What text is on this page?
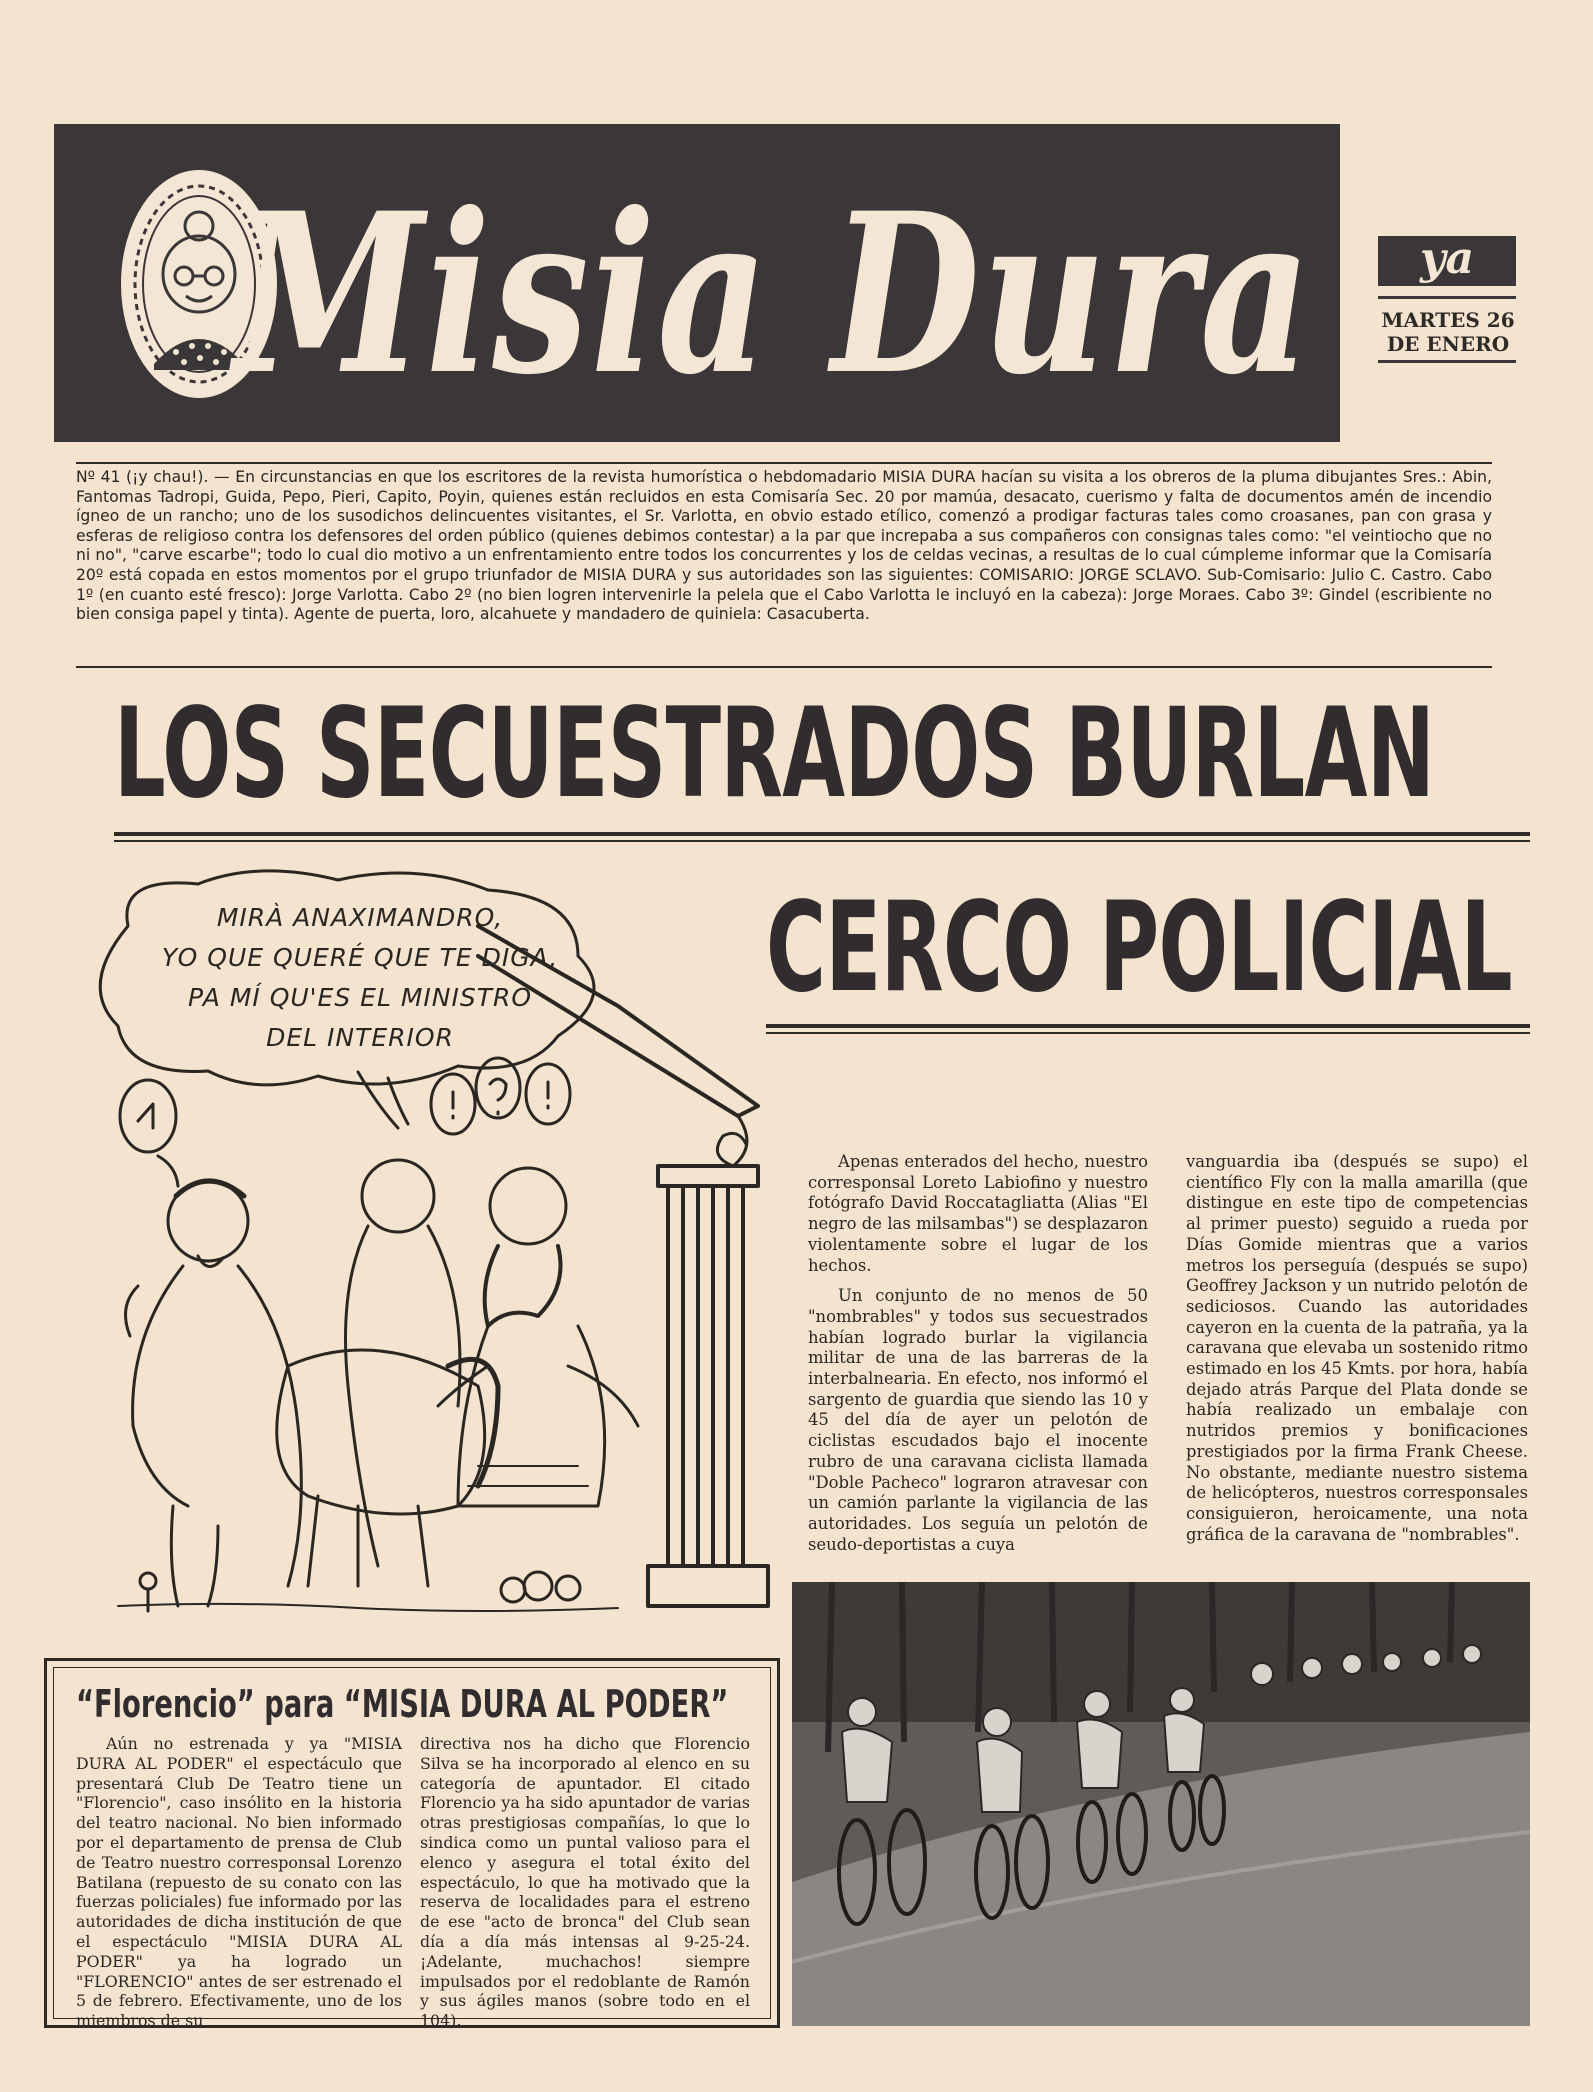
Misia Dura	ya
MARTES 26
DE ENERO
Nº 41 (¡y chau!). — En circunstancias en que los escritores de la revista humorística o hebdomadario MISIA DURA hacían su visita a los obreros de la pluma dibujantes Sres.: Abin, Fantomas Tadropi, Guida, Pepo, Pieri, Capito, Poyin, quienes están recluidos en esta Comisaría Sec. 20 por mamúa, desacato, cuerismo y falta de documentos amén de incendio ígneo de un rancho; uno de los susodichos delincuentes visitantes, el Sr. Varlotta, en obvio estado etílico, comenzó a prodigar facturas tales como croasanes, pan con grasa y esferas de religioso contra los defensores del orden público (quienes debimos contestar) a la par que increpaba a sus compañeros con consignas tales como: "el veintiocho que no ni no", "carve escarbe"; todo lo cual dio motivo a un enfrentamiento entre todos los concurrentes y los de celdas vecinas, a resultas de lo cual cúmpleme informar que la Comisaría 20º está copada en estos momentos por el grupo triunfador de MISIA DURA y sus autoridades son las siguientes: COMISARIO: JORGE SCLAVO. Sub-Comisario: Julio C. Castro. Cabo 1º (en cuanto esté fresco): Jorge Varlotta. Cabo 2º (no bien logren intervenirle la pelela que el Cabo Varlotta le incluyó en la cabeza): Jorge Moraes. Cabo 3º: Gindel (escribiente no bien consiga papel y tinta). Agente de puerta, loro, alcahuete y mandadero de quiniela: Casacuberta.
LOS SECUESTRADOS BURLAN
CERCO POLICIAL
MIRÀ ANAXIMANDRO,
YO QUE QUERÉ QUE TE DIGA,
PA MÍ QU'ES EL MINISTRO
DEL INTERIOR

Apenas enterados del hecho, nuestro corresponsal Loreto Labiofino y nuestro fotógrafo David Roccatagliatta (Alias "El negro de las milsambas") se desplazaron violentamente sobre el lugar de los hechos.

Un conjunto de no menos de 50 "nombrables" y todos sus secuestrados habían logrado burlar la vigilancia militar de una de las barreras de la interbalnearia. En efecto, nos informó el sargento de guardia que siendo las 10 y 45 del día de ayer un pelotón de ciclistas escudados bajo el inocente rubro de una caravana ciclista llamada "Doble Pacheco" lograron atravesar con un camión parlante la vigilancia de las autoridades. Los seguía un pelotón de seudo-deportistas a cuya

vanguardia iba (después se supo) el científico Fly con la malla amarilla (que distingue en este tipo de competencias al primer puesto) seguido a rueda por Días Gomide mientras que a varios metros los perseguía (después se supo) Geoffrey Jackson y un nutrido pelotón de sediciosos. Cuando las autoridades cayeron en la cuenta de la patraña, ya la caravana que elevaba un sostenido ritmo estimado en los 45 Kmts. por hora, había dejado atrás Parque del Plata donde se había realizado un embalaje con nutridos premios y bonificaciones prestigiados por la firma Frank Cheese. No obstante, mediante nuestro sistema de helicópteros, nuestros corresponsales consiguieron, heroicamente, una nota gráfica de la caravana de "nombrables".

“Florencio” para “MISIA DURA AL PODER”

Aún no estrenada y ya "MISIA DURA AL PODER" el espectáculo que presentará Club De Teatro tiene un "Florencio", caso insólito en la historia del teatro nacional. No bien informado por el departamento de prensa de Club de Teatro nuestro corresponsal Lorenzo Batilana (repuesto de su conato con las fuerzas policiales) fue informado por las autoridades de dicha institución de que el espectáculo "MISIA DURA AL PODER" ya ha logrado un "FLORENCIO" antes de ser estrenado el 5 de febrero. Efectivamente, uno de los miembros de su

directiva nos ha dicho que Florencio Silva se ha incorporado al elenco en su categoría de apuntador. El citado Florencio ya ha sido apuntador de varias otras prestigiosas compañías, lo que lo sindica como un puntal valioso para el elenco y asegura el total éxito del espectáculo, lo que ha motivado que la reserva de localidades para el estreno de ese "acto de bronca" del Club sean día a día más intensas al 9-25-24. ¡Adelante, muchachos! siempre impulsados por el redoblante de Ramón y sus ágiles manos (sobre todo en el 104).
